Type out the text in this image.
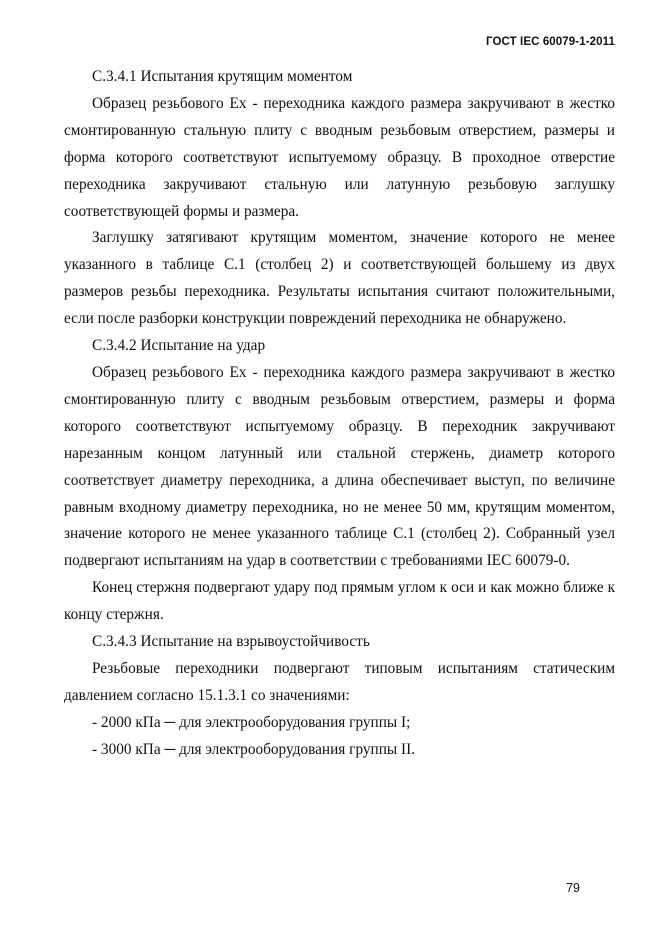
ГОСТ IEC 60079-1-2011

С.3.4.1 Испытания крутящим моментом

Образец резьбового Ех - переходника каждого размера закручивают в жестко смонтированную стальную плиту с вводным резьбовым отверстием, размеры и форма которого соответствуют испытуемому образцу. В проходное отверстие переходника закручивают стальную или латунную резьбовую заглушку соответствующей формы и размера.

Заглушку затягивают крутящим моментом, значение которого не менее указанного в таблице С.1 (столбец 2) и соответствующей большему из двух размеров резьбы переходника. Результаты испытания считают положительными, если после разборки конструкции повреждений переходника не обнаружено.

С.3.4.2 Испытание на удар

Образец резьбового Ех - переходника каждого размера закручивают в жестко смонтированную плиту с вводным резьбовым отверстием, размеры и форма которого соответствуют испытуемому образцу. В переходник закручивают нарезанным концом латунный или стальной стержень, диаметр которого соответствует диаметру переходника, а длина обеспечивает выступ, по величине равным входному диаметру переходника, но не менее 50 мм, крутящим моментом, значение которого не менее указанного таблице С.1 (столбец 2). Собранный узел подвергают испытаниям на удар в соответствии с требованиями IEC 60079-0.

Конец стержня подвергают удару под прямым углом к оси и как можно ближе к концу стержня.

С.3.4.3 Испытание на взрывоустойчивость

Резьбовые переходники подвергают типовым испытаниям статическим давлением согласно 15.1.3.1 со значениями:

- 2000 кПа ─ для электрооборудования группы I;

- 3000 кПа ─ для электрооборудования группы II.

79
